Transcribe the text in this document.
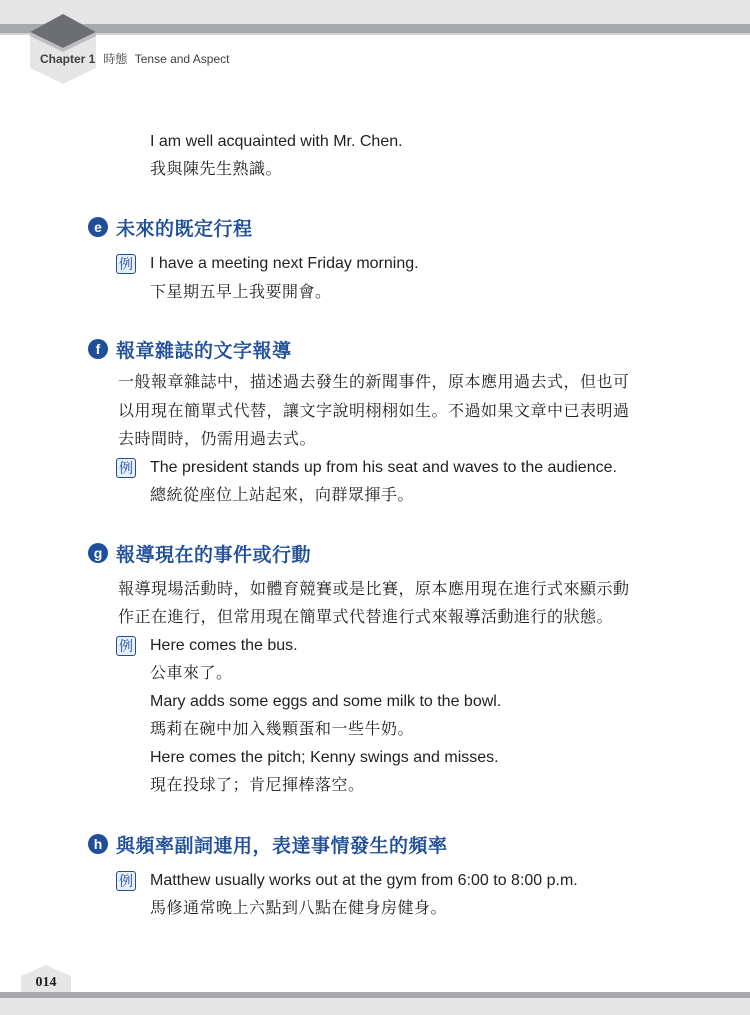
Chapter 1 時態 Tense and Aspect
I am well acquainted with Mr. Chen.
我與陳先生熟識。
e 未來的既定行程
例 I have a meeting next Friday morning.
下星期五早上我要開會。
f 報章雜誌的文字報導
一般報章雜誌中，描述過去發生的新聞事件，原本應用過去式，但也可
以用現在簡單式代替，讓文字說明栩栩如生。不過如果文章中已表明過
去時間時，仍需用過去式。
例 The president stands up from his seat and waves to the audience.
總統從座位上站起來，向群眾揮手。
g 報導現在的事件或行動
報導現場活動時，如體育競賽或是比賽，原本應用現在進行式來顯示動
作正在進行，但常用現在簡單式代替進行式來報導活動進行的狀態。
例 Here comes the bus.
公車來了。
Mary adds some eggs and some milk to the bowl.
瑪莉在碗中加入幾顆蛋和一些牛奶。
Here comes the pitch; Kenny swings and misses.
現在投球了；肯尼揮棒落空。
h 與頻率副詞連用，表達事情發生的頻率
例 Matthew usually works out at the gym from 6:00 to 8:00 p.m.
馬修通常晚上六點到八點在健身房健身。
014
